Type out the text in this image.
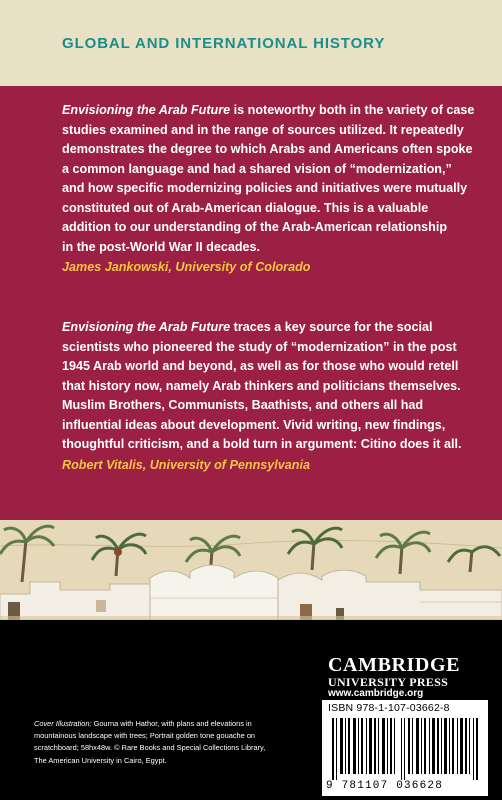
GLOBAL AND INTERNATIONAL HISTORY

Envisioning the Arab Future is noteworthy both in the variety of case
studies examined and in the range of sources utilized. It repeatedly
demonstrates the degree to which Arabs and Americans often spoke
a common language and had a shared vision of “modernization,”
and how specific modernizing policies and initiatives were mutually
constituted out of Arab-American dialogue. This is a valuable
addition to our understanding of the Arab-American relationship
in the post-World War II decades.

James Jankowski, University of Colorado

Envisioning the Arab Future traces a key source for the social
scientists who pioneered the study of “modernization” in the post
1945 Arab world and beyond, as well as for those who would retell
that history now, namely Arab thinkers and politicians themselves.
Muslim Brothers, Communists, Baathists, and others all had
influential ideas about development. Vivid writing, new findings,
thoughtful criticism, and a bold turn in argument: Citino does it all.

Robert Vitalis, University of Pennsylvania
CAMBRIDGE
UNIVERSITY PRESS
www.cambridge.org
ISBN 978-1-107-03662-8
9 781107 036628

Cover Illustration: Gourna with Hathor, with plans and elevations in

mountainous landscape with trees; Portrait golden tone gouache on

scratchboard; 58hx48w. © Rare Books and Special Collections Library,

The American University in Cairo, Egypt.
